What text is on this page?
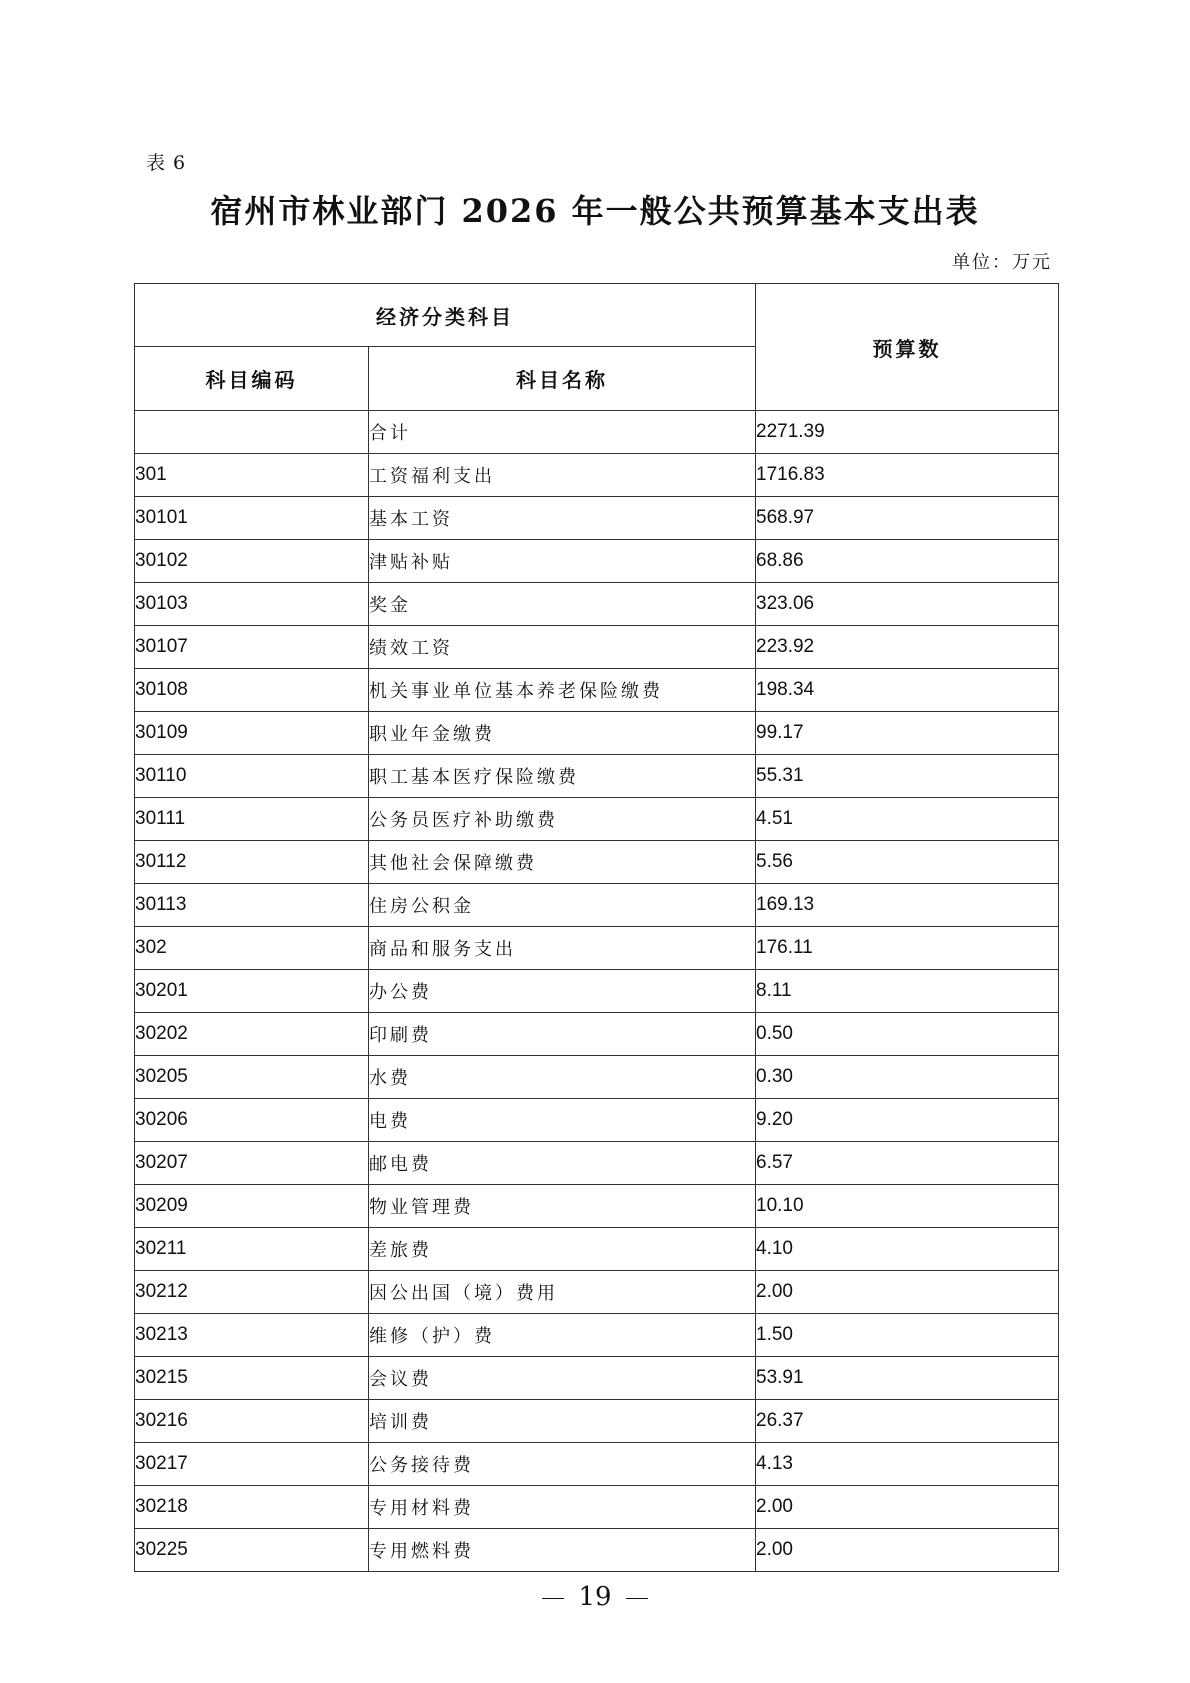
表 6
宿州市林业部门 2026 年一般公共预算基本支出表
单位：万元
经济分类科目		预算数
科目编码	科目名称	
	合计	2271.39
301	工资福利支出	1716.83
30101	基本工资	568.97
30102	津贴补贴	68.86
30103	奖金	323.06
30107	绩效工资	223.92
30108	机关事业单位基本养老保险缴费	198.34
30109	职业年金缴费	99.17
30110	职工基本医疗保险缴费	55.31
30111	公务员医疗补助缴费	4.51
30112	其他社会保障缴费	5.56
30113	住房公积金	169.13
302	商品和服务支出	176.11
30201	办公费	8.11
30202	印刷费	0.50
30205	水费	0.30
30206	电费	9.20
30207	邮电费	6.57
30209	物业管理费	10.10
30211	差旅费	4.10
30212	因公出国（境）费用	2.00
30213	维修（护）费	1.50
30215	会议费	53.91
30216	培训费	26.37
30217	公务接待费	4.13
30218	专用材料费	2.00
30225	专用燃料费	2.00
19
